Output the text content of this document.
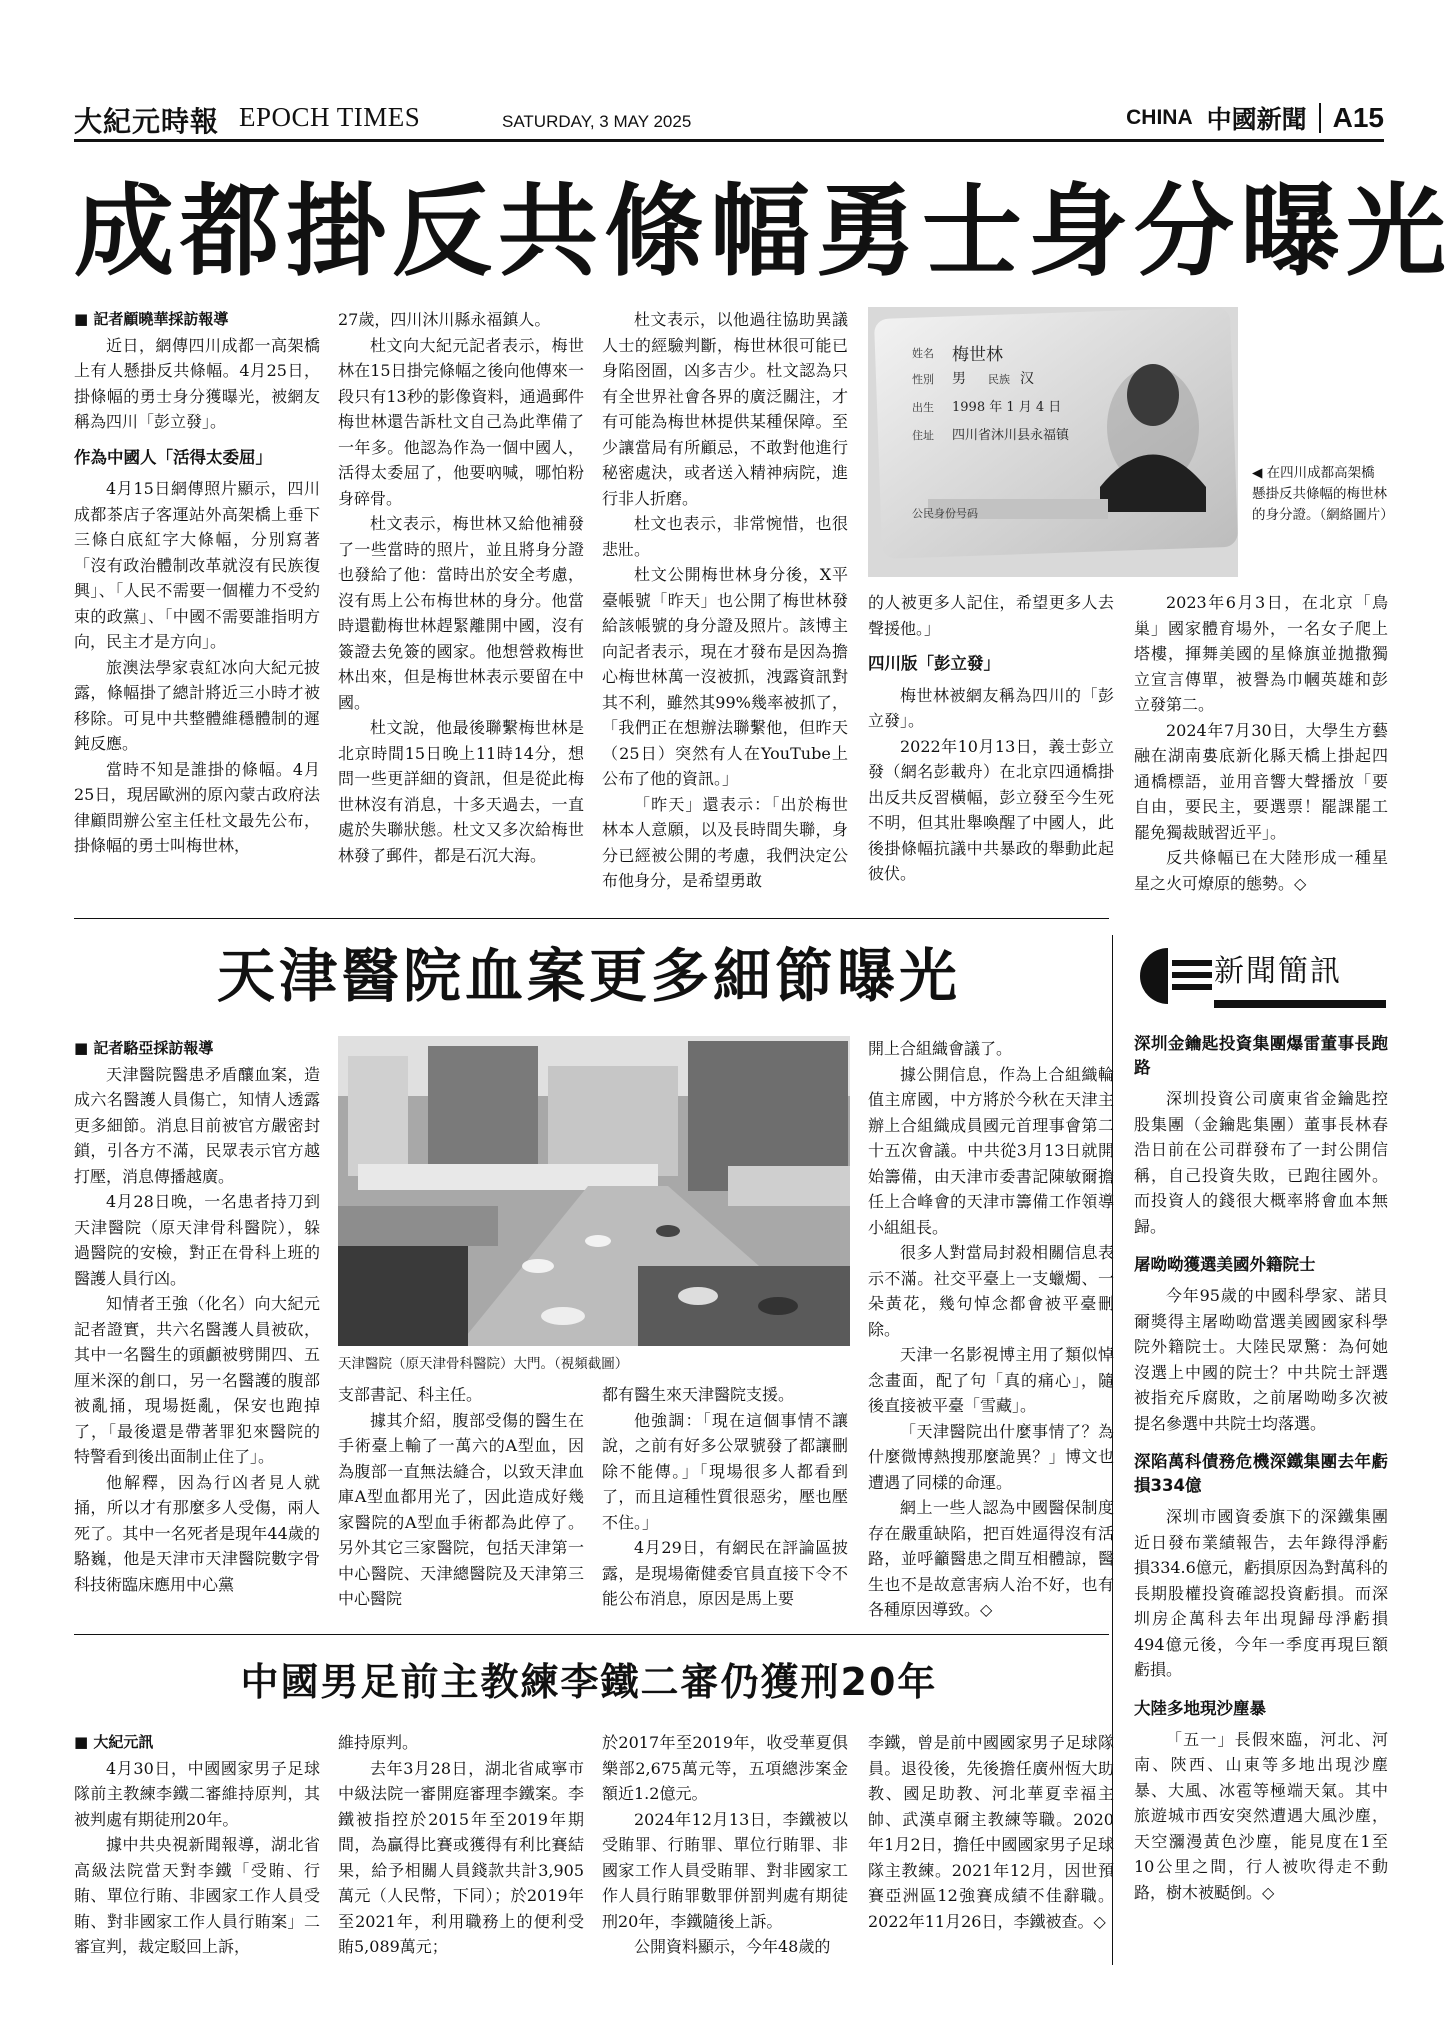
大紀元時報 EPOCH TIMES	SATURDAY, 3 MAY 2025	CHINA 中國新聞 A15
成都掛反共條幅勇士身分曝光

■ 記者顧曉華採訪報導

近日，網傳四川成都一高架橋上有人懸掛反共條幅。4月25日，掛條幅的勇士身分獲曝光，被網友稱為四川「彭立發」。

作為中國人「活得太委屈」

4月15日網傳照片顯示，四川成都茶店子客運站外高架橋上垂下三條白底紅字大條幅，分別寫著「沒有政治體制改革就沒有民族復興」、「人民不需要一個權力不受約束的政黨」、「中國不需要誰指明方向，民主才是方向」。

旅澳法學家袁紅冰向大紀元披露，條幅掛了總計將近三小時才被移除。可見中共整體維穩體制的遲鈍反應。

當時不知是誰掛的條幅。4月25日，現居歐洲的原內蒙古政府法律顧問辦公室主任杜文最先公布，掛條幅的勇士叫梅世林，

27歲，四川沐川縣永福鎮人。

杜文向大紀元記者表示，梅世林在15日掛完條幅之後向他傳來一段只有13秒的影像資料，通過郵件梅世林還告訴杜文自己為此準備了一年多。他認為作為一個中國人，活得太委屈了，他要吶喊，哪怕粉身碎骨。

杜文表示，梅世林又給他補發了一些當時的照片，並且將身分證也發給了他：當時出於安全考慮，沒有馬上公布梅世林的身分。他當時還勸梅世林趕緊離開中國，沒有簽證去免簽的國家。他想營救梅世林出來，但是梅世林表示要留在中國。

杜文說，他最後聯繫梅世林是北京時間15日晚上11時14分，想問一些更詳細的資訊，但是從此梅世林沒有消息，十多天過去，一直處於失聯狀態。杜文又多次給梅世林發了郵件，都是石沉大海。

杜文表示，以他過往協助異議人士的經驗判斷，梅世林很可能已身陷囹圄，凶多吉少。杜文認為只有全世界社會各界的廣泛關注，才有可能為梅世林提供某種保障。至少讓當局有所顧忌，不敢對他進行秘密處決，或者送入精神病院，進行非人折磨。

杜文也表示，非常惋惜，也很悲壯。

杜文公開梅世林身分後，X平臺帳號「昨天」也公開了梅世林發給該帳號的身分證及照片。該博主向記者表示，現在才發布是因為擔心梅世林萬一沒被抓，洩露資訊對其不利，雖然其99%幾率被抓了，「我們正在想辦法聯繫他，但昨天（25日）突然有人在YouTube上公布了他的資訊。」

「昨天」還表示：「出於梅世林本人意願，以及長時間失聯，身分已經被公開的考慮，我們決定公布他身分，是希望勇敢

姓名 梅世林
性別 男 民族 汉
出生 1998 年 1 月 4 日
住址 四川省沐川县永福镇
公民身份号码
◀ 在四川成都高架橋懸掛反共條幅的梅世林的身分證。（網絡圖片）

的人被更多人記住，希望更多人去聲援他。」

四川版「彭立發」

梅世林被網友稱為四川的「彭立發」。

2022年10月13日，義士彭立發（網名彭載舟）在北京四通橋掛出反共反習橫幅，彭立發至今生死不明，但其壯舉喚醒了中國人，此後掛條幅抗議中共暴政的舉動此起彼伏。

2023年6月3日，在北京「鳥巢」國家體育場外，一名女子爬上塔樓，揮舞美國的星條旗並拋撒獨立宣言傳單，被譽為巾幗英雄和彭立發第二。

2024年7月30日，大學生方藝融在湖南婁底新化縣天橋上掛起四通橋標語，並用音響大聲播放「要自由，要民主，要選票！罷課罷工罷免獨裁賊習近平」。

反共條幅已在大陸形成一種星星之火可燎原的態勢。◇

天津醫院血案更多細節曝光

■ 記者駱亞採訪報導

天津醫院醫患矛盾釀血案，造成六名醫護人員傷亡，知情人透露更多細節。消息目前被官方嚴密封鎖，引各方不滿，民眾表示官方越打壓，消息傳播越廣。

4月28日晚，一名患者持刀到天津醫院（原天津骨科醫院），躲過醫院的安檢，對正在骨科上班的醫護人員行凶。

知情者王強（化名）向大紀元記者證實，共六名醫護人員被砍，其中一名醫生的頭顱被劈開四、五厘米深的創口，另一名醫護的腹部被亂捅，現場挺亂，保安也跑掉了，「最後還是帶著罪犯來醫院的特警看到後出面制止住了」。

他解釋，因為行凶者見人就捅，所以才有那麼多人受傷，兩人死了。其中一名死者是現年44歲的駱巍，他是天津市天津醫院數字骨科技術臨床應用中心黨

天津醫院（原天津骨科醫院）大門。（視頻截圖）

支部書記、科主任。

據其介紹，腹部受傷的醫生在手術臺上輸了一萬六的A型血，因為腹部一直無法縫合，以致天津血庫A型血都用光了，因此造成好幾家醫院的A型血手術都為此停了。另外其它三家醫院，包括天津第一中心醫院、天津總醫院及天津第三中心醫院

都有醫生來天津醫院支援。

他強調：「現在這個事情不讓說，之前有好多公眾號發了都讓刪除不能傳。」「現場很多人都看到了，而且這種性質很惡劣，壓也壓不住。」

4月29日，有網民在評論區披露，是現場衛健委官員直接下令不能公布消息，原因是馬上要

開上合組織會議了。

據公開信息，作為上合組織輪值主席國，中方將於今秋在天津主辦上合組織成員國元首理事會第二十五次會議。中共從3月13日就開始籌備，由天津市委書記陳敏爾擔任上合峰會的天津市籌備工作領導小組組長。

很多人對當局封殺相關信息表示不滿。社交平臺上一支蠟燭、一朵黃花，幾句悼念都會被平臺刪除。

天津一名影視博主用了類似悼念畫面，配了句「真的痛心」，隨後直接被平臺「雪藏」。

「天津醫院出什麼事情了？為什麼微博熱搜那麼詭異？」博文也遭遇了同樣的命運。

網上一些人認為中國醫保制度存在嚴重缺陷，把百姓逼得沒有活路，並呼籲醫患之間互相體諒，醫生也不是故意害病人治不好，也有各種原因導致。◇

中國男足前主教練李鐵二審仍獲刑20年

■ 大紀元訊

4月30日，中國國家男子足球隊前主教練李鐵二審維持原判，其被判處有期徒刑20年。

據中共央視新聞報導，湖北省高級法院當天對李鐵「受賄、行賄、單位行賄、非國家工作人員受賄、對非國家工作人員行賄案」二審宣判，裁定駁回上訴，

維持原判。

去年3月28日，湖北省咸寧市中級法院一審開庭審理李鐵案。李鐵被指控於2015年至2019年期間，為贏得比賽或獲得有利比賽結果，給予相關人員錢款共計3,905萬元（人民幣，下同）；於2019年至2021年，利用職務上的便利受賄5,089萬元；

於2017年至2019年，收受華夏俱樂部2,675萬元等，五項總涉案金額近1.2億元。

2024年12月13日，李鐵被以受賄罪、行賄罪、單位行賄罪、非國家工作人員受賄罪、對非國家工作人員行賄罪數罪併罰判處有期徒刑20年，李鐵隨後上訴。

公開資料顯示，今年48歲的

李鐵，曾是前中國國家男子足球隊員。退役後，先後擔任廣州恆大助教、國足助教、河北華夏幸福主帥、武漢卓爾主教練等職。2020年1月2日，擔任中國國家男子足球隊主教練。2021年12月，因世預賽亞洲區12強賽成績不佳辭職。2022年11月26日，李鐵被查。◇

新聞簡訊

深圳金鑰匙投資集團爆雷董事長跑路

深圳投資公司廣東省金鑰匙控股集團（金鑰匙集團）董事長林春浩日前在公司群發布了一封公開信稱，自己投資失敗，已跑往國外。而投資人的錢很大概率將會血本無歸。

屠呦呦獲選美國外籍院士

今年95歲的中國科學家、諾貝爾獎得主屠呦呦當選美國國家科學院外籍院士。大陸民眾驚：為何她沒選上中國的院士？中共院士評選被指充斥腐敗，之前屠呦呦多次被提名參選中共院士均落選。

深陷萬科債務危機深鐵集團去年虧損334億

深圳市國資委旗下的深鐵集團近日發布業績報告，去年錄得淨虧損334.6億元，虧損原因為對萬科的長期股權投資確認投資虧損。而深圳房企萬科去年出現歸母淨虧損494億元後，今年一季度再現巨額虧損。

大陸多地現沙塵暴

「五一」長假來臨，河北、河南、陝西、山東等多地出現沙塵暴、大風、冰雹等極端天氣。其中旅遊城市西安突然遭遇大風沙塵，天空瀰漫黃色沙塵，能見度在1至10公里之間，行人被吹得走不動路，樹木被颳倒。◇
